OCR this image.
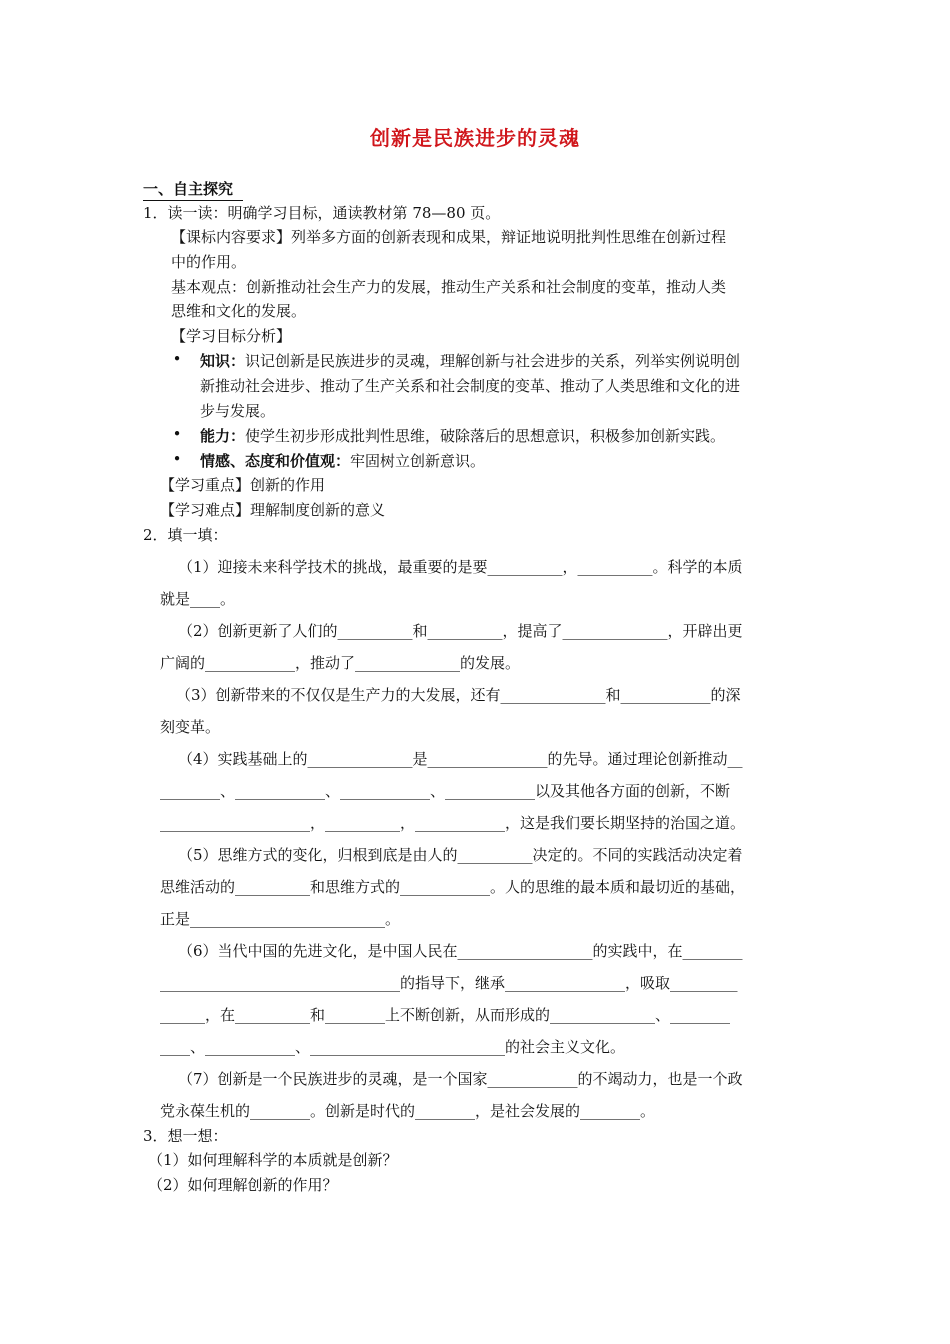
创新是民族进步的灵魂
一、自主探究
1．读一读：明确学习目标，通读教材第 78—80 页。
【课标内容要求】列举多方面的创新表现和成果，辩证地说明批判性思维在创新过程
中的作用。
基本观点：创新推动社会生产力的发展，推动生产关系和社会制度的变革，推动人类
思维和文化的发展。
【学习目标分析】
• 知识：识记创新是民族进步的灵魂，理解创新与社会进步的关系，列举实例说明创
新推动社会进步、推动了生产关系和社会制度的变革、推动了人类思维和文化的进
步与发展。
• 能力：使学生初步形成批判性思维，破除落后的思想意识，积极参加创新实践。
• 情感、态度和价值观：牢固树立创新意识。
【学习重点】创新的作用
【学习难点】理解制度创新的意义
2．填一填：
（1）迎接未来科学技术的挑战，最重要的是要__________，__________。科学的本质
就是____。
（2）创新更新了人们的__________和__________，提高了______________，开辟出更
广阔的____________，推动了______________的发展。
（3）创新带来的不仅仅是生产力的大发展，还有______________和____________的深
刻变革。
（4）实践基础上的______________是________________的先导。通过理论创新推动__
________、____________、____________、____________以及其他各方面的创新，不断
____________________，__________，____________，这是我们要长期坚持的治国之道。
（5）思维方式的变化，归根到底是由人的__________决定的。不同的实践活动决定着
思维活动的__________和思维方式的____________。人的思维的最本质和最切近的基础，
正是__________________________。
（6）当代中国的先进文化，是中国人民在__________________的实践中，在________
________________________________的指导下，继承________________，吸取_________
______，在__________和________上不断创新，从而形成的______________、________
____、____________、__________________________的社会主义文化。
（7）创新是一个民族进步的灵魂，是一个国家____________的不竭动力，也是一个政
党永葆生机的________。创新是时代的________，是社会发展的________。
3．想一想：
（1）如何理解科学的本质就是创新？
（2）如何理解创新的作用？
